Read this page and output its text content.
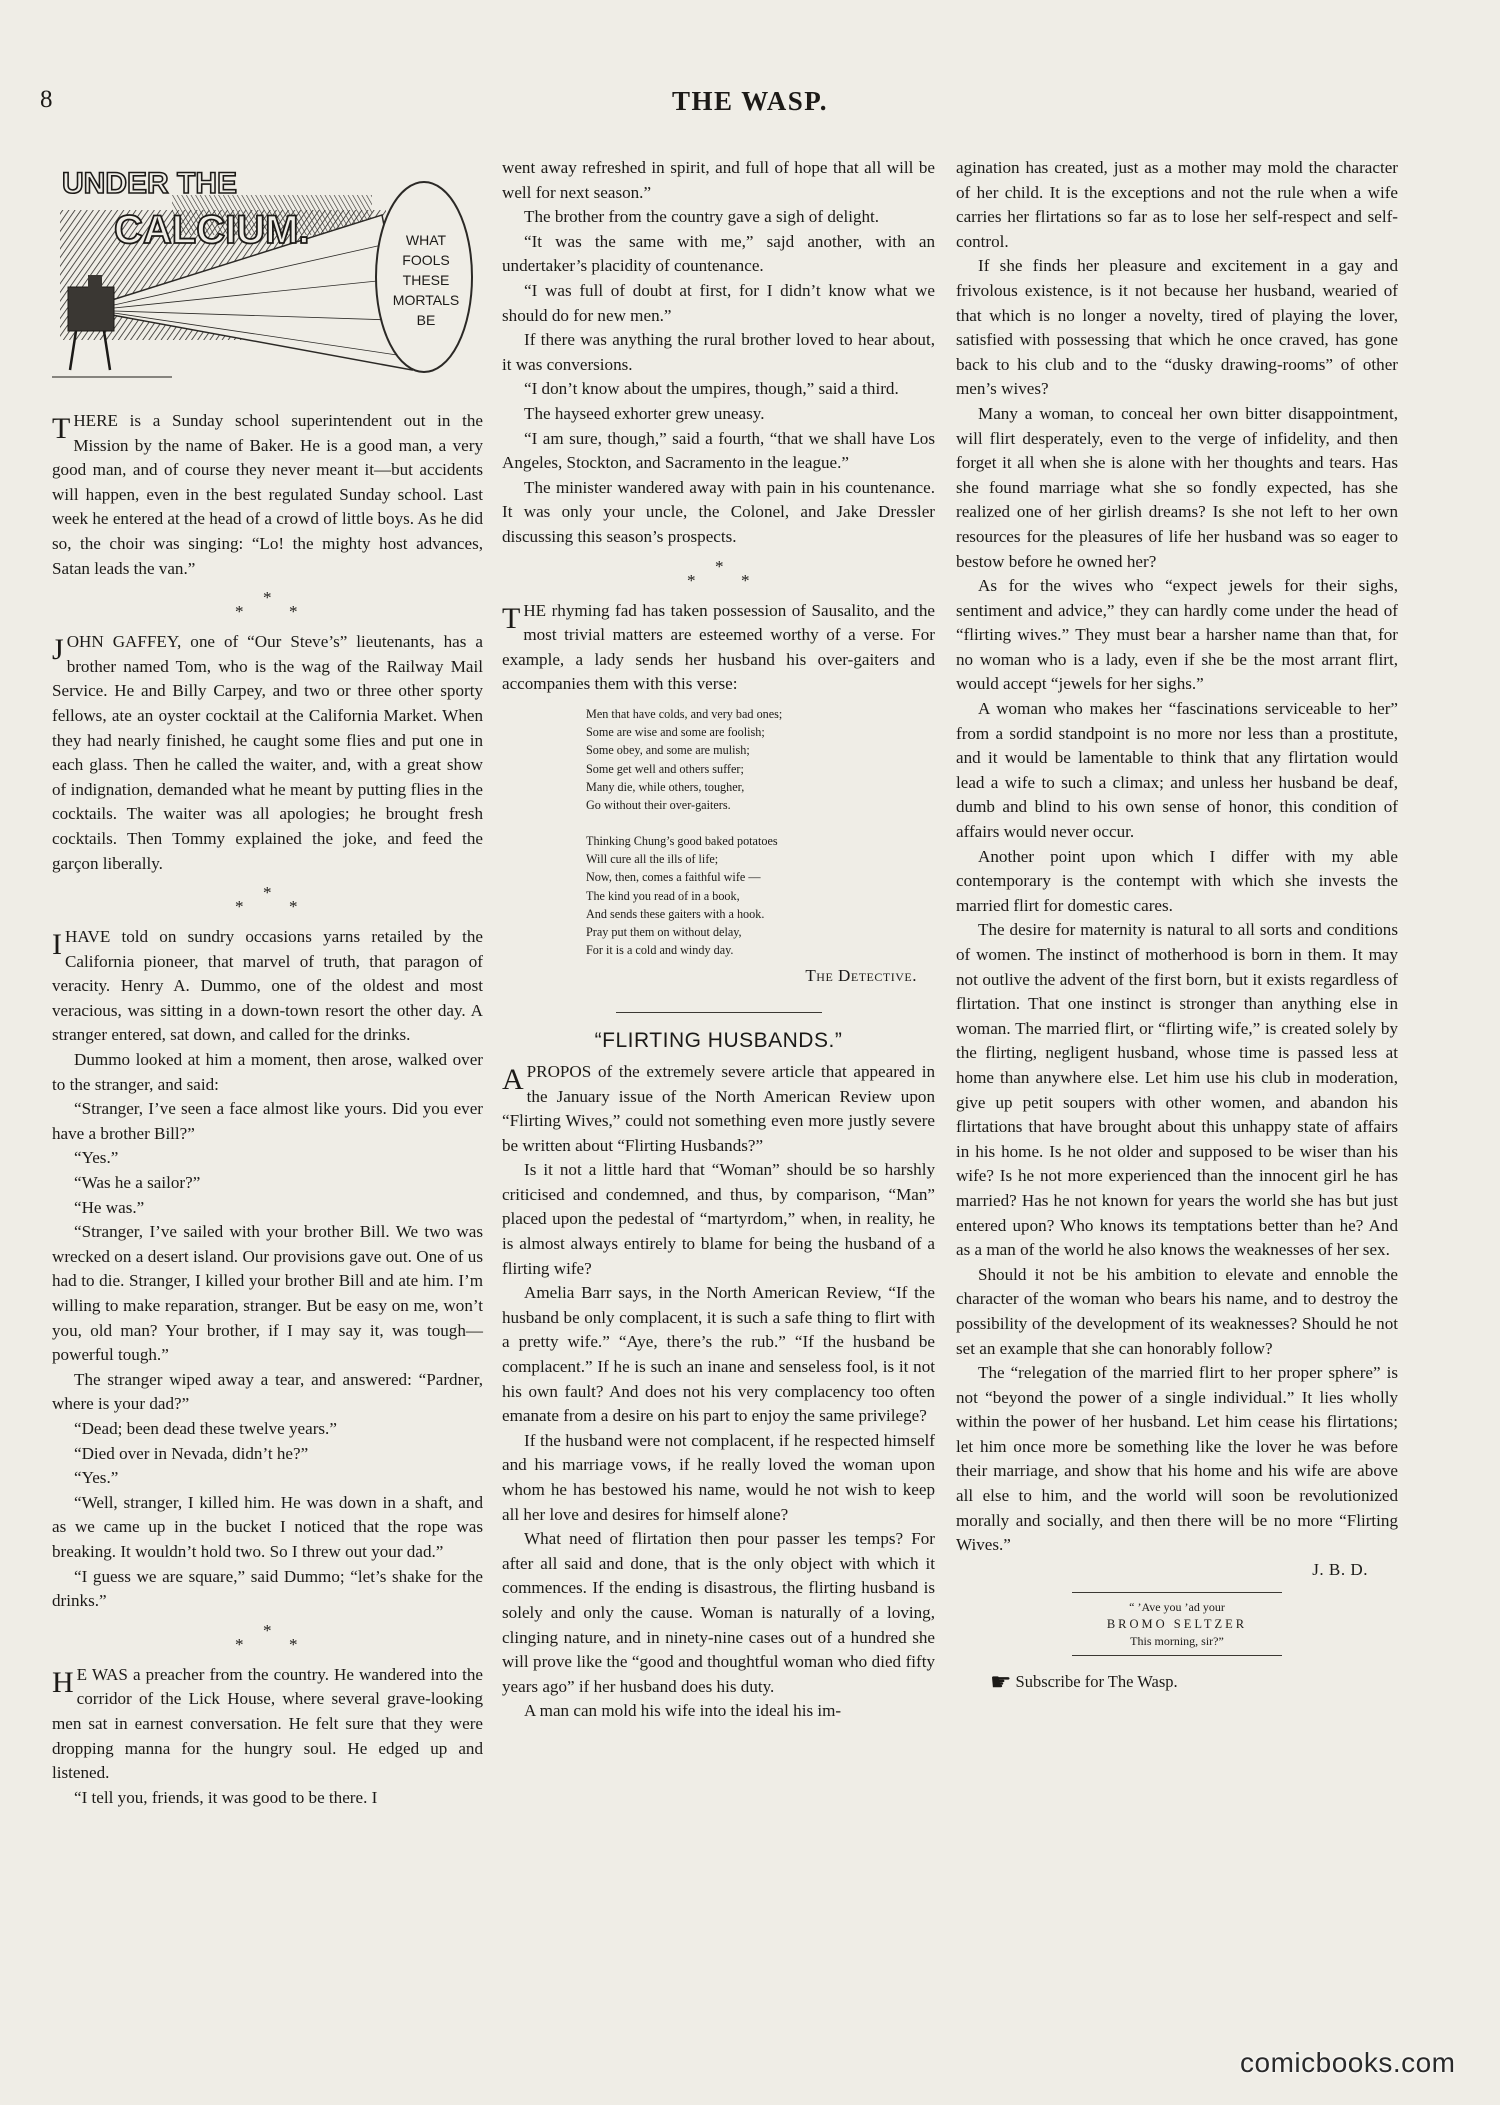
8	THE WASP.
UNDER THE
CALCIUM.	WHAT
FOOLS
THESE
MORTALS
BE

THERE is a Sunday school superintendent out in the Mission by the name of Baker. He is a good man, a very good man, and of course they never meant it—but accidents will happen, even in the best regulated Sunday school. Last week he entered at the head of a crowd of little boys. As he did so, the choir was singing: “Lo! the mighty host advances, Satan leads the van.”

*
*	*

JOHN GAFFEY, one of “Our Steve’s” lieutenants, has a brother named Tom, who is the wag of the Railway Mail Service. He and Billy Carpey, and two or three other sporty fellows, ate an oyster cocktail at the California Market. When they had nearly finished, he caught some flies and put one in each glass. Then he called the waiter, and, with a great show of indignation, demanded what he meant by putting flies in the cocktails. The waiter was all apologies; he brought fresh cocktails. Then Tommy explained the joke, and feed the garçon liberally.

*
*	*

IHAVE told on sundry occasions yarns retailed by the California pioneer, that marvel of truth, that paragon of veracity. Henry A. Dummo, one of the oldest and most veracious, was sitting in a down-town resort the other day. A stranger entered, sat down, and called for the drinks.

Dummo looked at him a moment, then arose, walked over to the stranger, and said:

“Stranger, I’ve seen a face almost like yours. Did you ever have a brother Bill?”

“Yes.”

“Was he a sailor?”

“He was.”

“Stranger, I’ve sailed with your brother Bill. We two was wrecked on a desert island. Our provisions gave out. One of us had to die. Stranger, I killed your brother Bill and ate him. I’m willing to make reparation, stranger. But be easy on me, won’t you, old man? Your brother, if I may say it, was tough—powerful tough.”

The stranger wiped away a tear, and answered: “Pardner, where is your dad?”

“Dead; been dead these twelve years.”

“Died over in Nevada, didn’t he?”

“Yes.”

“Well, stranger, I killed him. He was down in a shaft, and as we came up in the bucket I noticed that the rope was breaking. It wouldn’t hold two. So I threw out your dad.”

“I guess we are square,” said Dummo; “let’s shake for the drinks.”

*
*	*

H E WAS a preacher from the country. He wandered into the corridor of the Lick House, where several grave-looking men sat in earnest conversation. He felt sure that they were dropping manna for the hungry soul. He edged up and listened.

“I tell you, friends, it was good to be there. I

went away refreshed in spirit, and full of hope that all will be well for next season.”

The brother from the country gave a sigh of delight.

“It was the same with me,” sajd another, with an undertaker’s placidity of countenance.

“I was full of doubt at first, for I didn’t know what we should do for new men.”

If there was anything the rural brother loved to hear about, it was conversions.

“I don’t know about the umpires, though,” said a third.

The hayseed exhorter grew uneasy.

“I am sure, though,” said a fourth, “that we shall have Los Angeles, Stockton, and Sacramento in the league.”

The minister wandered away with pain in his countenance. It was only your uncle, the Colonel, and Jake Dressler discussing this season’s prospects.

*
*	*

THE rhyming fad has taken possession of Sausalito, and the most trivial matters are esteemed worthy of a verse. For example, a lady sends her husband his over-gaiters and accompanies them with this verse:

Men that have colds, and very bad ones;
Some are wise and some are foolish;
Some obey, and some are mulish;
Some get well and others suffer;
Many die, while others, tougher,
Go without their over-gaiters.
Thinking Chung’s good baked potatoes
Will cure all the ills of life;
Now, then, comes a faithful wife —
The kind you read of in a book,
And sends these gaiters with a hook.
Pray put them on without delay,
For it is a cold and windy day.
The Detective.
“FLIRTING HUSBANDS.”

APROPOS of the extremely severe article that appeared in the January issue of the North American Review upon “Flirting Wives,” could not something even more justly severe be written about “Flirting Husbands?”

Is it not a little hard that “Woman” should be so harshly criticised and condemned, and thus, by comparison, “Man” placed upon the pedestal of “martyrdom,” when, in reality, he is almost always entirely to blame for being the husband of a flirting wife?

Amelia Barr says, in the North American Review, “If the husband be only complacent, it is such a safe thing to flirt with a pretty wife.” “Aye, there’s the rub.” “If the husband be complacent.” If he is such an inane and senseless fool, is it not his own fault? And does not his very complacency too often emanate from a desire on his part to enjoy the same privilege?

If the husband were not complacent, if he respected himself and his marriage vows, if he really loved the woman upon whom he has bestowed his name, would he not wish to keep all her love and desires for himself alone?

What need of flirtation then pour passer les temps? For after all said and done, that is the only object with which it commences. If the ending is disastrous, the flirting husband is solely and only the cause. Woman is naturally of a loving, clinging nature, and in ninety-nine cases out of a hundred she will prove like the “good and thoughtful woman who died fifty years ago” if her husband does his duty.

A man can mold his wife into the ideal his im-

agination has created, just as a mother may mold the character of her child. It is the exceptions and not the rule when a wife carries her flirtations so far as to lose her self-respect and self-control.

If she finds her pleasure and excitement in a gay and frivolous existence, is it not because her husband, wearied of that which is no longer a novelty, tired of playing the lover, satisfied with possessing that which he once craved, has gone back to his club and to the “dusky drawing-rooms” of other men’s wives?

Many a woman, to conceal her own bitter disappointment, will flirt desperately, even to the verge of infidelity, and then forget it all when she is alone with her thoughts and tears. Has she found marriage what she so fondly expected, has she realized one of her girlish dreams? Is she not left to her own resources for the pleasures of life her husband was so eager to bestow before he owned her?

As for the wives who “expect jewels for their sighs, sentiment and advice,” they can hardly come under the head of “flirting wives.” They must bear a harsher name than that, for no woman who is a lady, even if she be the most arrant flirt, would accept “jewels for her sighs.”

A woman who makes her “fascinations serviceable to her” from a sordid standpoint is no more nor less than a prostitute, and it would be lamentable to think that any flirtation would lead a wife to such a climax; and unless her husband be deaf, dumb and blind to his own sense of honor, this condition of affairs would never occur.

Another point upon which I differ with my able contemporary is the contempt with which she invests the married flirt for domestic cares.

The desire for maternity is natural to all sorts and conditions of women. The instinct of motherhood is born in them. It may not outlive the advent of the first born, but it exists regardless of flirtation. That one instinct is stronger than anything else in woman. The married flirt, or “flirting wife,” is created solely by the flirting, negligent husband, whose time is passed less at home than anywhere else. Let him use his club in moderation, give up petit soupers with other women, and abandon his flirtations that have brought about this unhappy state of affairs in his home. Is he not older and supposed to be wiser than his wife? Is he not more experienced than the innocent girl he has married? Has he not known for years the world she has but just entered upon? Who knows its temptations better than he? And as a man of the world he also knows the weaknesses of her sex.

Should it not be his ambition to elevate and ennoble the character of the woman who bears his name, and to destroy the possibility of the development of its weaknesses? Should he not set an example that she can honorably follow?

The “relegation of the married flirt to her proper sphere” is not “beyond the power of a single individual.” It lies wholly within the power of her husband. Let him cease his flirtations; let him once more be something like the lover he was before their marriage, and show that his home and his wife are above all else to him, and the world will soon be revolutionized morally and socially, and then there will be no more “Flirting Wives.”

J. B. D.
“ ’Ave you ’ad your
BROMO SELTZER
This morning, sir?”
☛ Subscribe for The Wasp.
comicbooks.com
